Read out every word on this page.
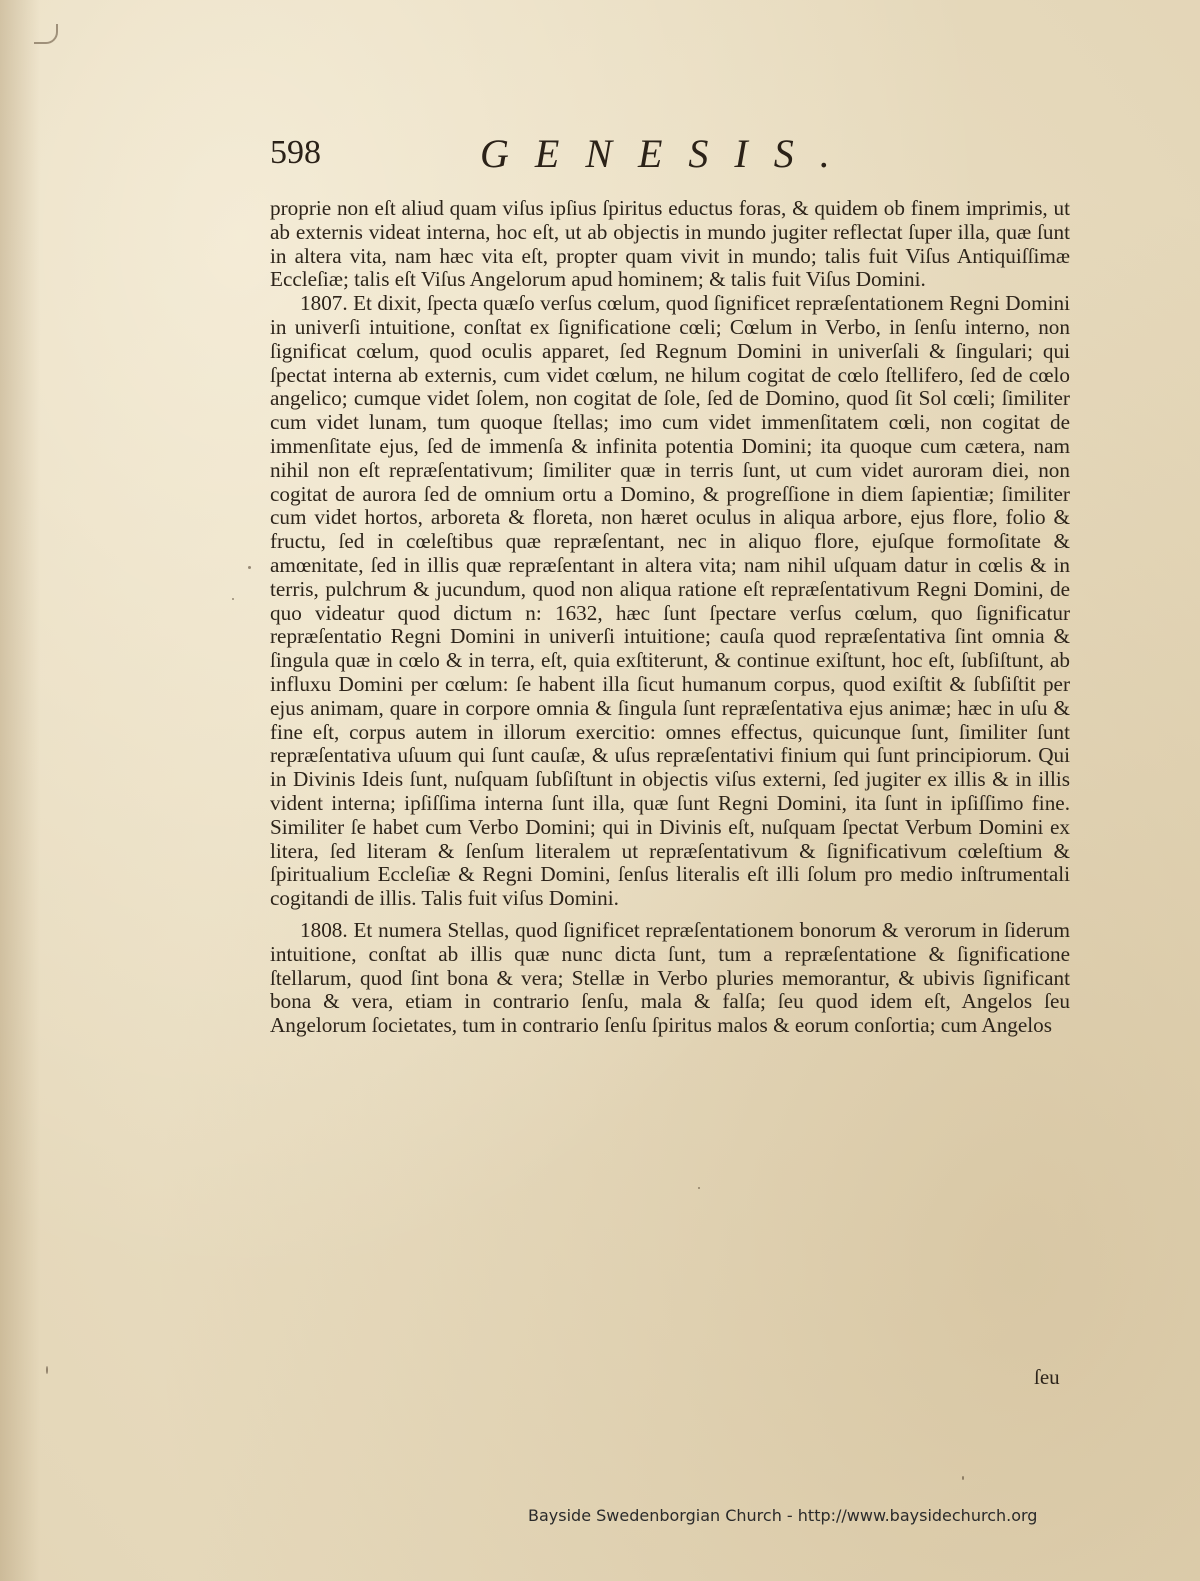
598	GENESIS.

proprie non eſt aliud quam viſus ipſius ſpiritus eductus foras, & quidem ob finem imprimis, ut ab externis videat interna, hoc eſt, ut ab objectis in mundo jugiter reflectat ſuper illa, quæ ſunt in altera vita, nam hæc vita eſt, propter quam vivit in mundo; talis fuit Viſus Antiquiſſimæ Eccleſiæ; talis eſt Viſus Angelorum apud hominem; & talis fuit Viſus Domini.

1807. Et dixit, ſpecta quæſo verſus cœlum, quod ſignificet repræſentationem Regni Domini in univerſi intuitione, conſtat ex ſignificatione cœli; Cœlum in Verbo, in ſenſu interno, non ſignificat cœlum, quod oculis apparet, ſed Regnum Domini in univerſali & ſingulari; qui ſpectat interna ab externis, cum videt cœlum, ne hilum cogitat de cœlo ſtellifero, ſed de cœlo angelico; cumque videt ſolem, non cogitat de ſole, ſed de Domino, quod ſit Sol cœli; ſimiliter cum videt lunam, tum quoque ſtellas; imo cum videt immenſitatem cœli, non cogitat de immenſitate ejus, ſed de immenſa & infinita potentia Domini; ita quoque cum cætera, nam nihil non eſt repræſentativum; ſimiliter quæ in terris ſunt, ut cum videt auroram diei, non cogitat de aurora ſed de omnium ortu a Domino, & progreſſione in diem ſapientiæ; ſimiliter cum videt hortos, arboreta & floreta, non hæret oculus in aliqua arbore, ejus flore, folio & fructu, ſed in cœleſtibus quæ repræſentant, nec in aliquo flore, ejuſque formoſitate & amœnitate, ſed in illis quæ repræſentant in altera vita; nam nihil uſquam datur in cœlis & in terris, pulchrum & jucundum, quod non aliqua ratione eſt repræſentativum Regni Domini, de quo videatur quod dictum n: 1632, hæc ſunt ſpectare verſus cœlum, quo ſignificatur repræſentatio Regni Domini in univerſi intuitione; cauſa quod repræſentativa ſint omnia & ſingula quæ in cœlo & in terra, eſt, quia exſtiterunt, & continue exiſtunt, hoc eſt, ſubſiſtunt, ab influxu Domini per cœlum: ſe habent illa ſicut humanum corpus, quod exiſtit & ſubſiſtit per ejus animam, quare in corpore omnia & ſingula ſunt repræſentativa ejus animæ; hæc in uſu & fine eſt, corpus autem in illorum exercitio: omnes effectus, quicunque ſunt, ſimiliter ſunt repræſentativa uſuum qui ſunt cauſæ, & uſus repræſentativi finium qui ſunt principiorum. Qui in Divinis Ideis ſunt, nuſquam ſubſiſtunt in objectis viſus externi, ſed jugiter ex illis & in illis vident interna; ipſiſſima interna ſunt illa, quæ ſunt Regni Domini, ita ſunt in ipſiſſimo fine. Similiter ſe habet cum Verbo Domini; qui in Divinis eſt, nuſquam ſpectat Verbum Domini ex litera, ſed literam & ſenſum literalem ut repræſentativum & ſignificativum cœleſtium & ſpiritualium Eccleſiæ & Regni Domini, ſenſus literalis eſt illi ſolum pro medio inſtrumentali cogitandi de illis. Talis fuit viſus Domini.

1808. Et numera Stellas, quod ſignificet repræſentationem bonorum & verorum in ſiderum intuitione, conſtat ab illis quæ nunc dicta ſunt, tum a repræſentatione & ſignificatione ſtellarum, quod ſint bona & vera; Stellæ in Verbo pluries memorantur, & ubivis ſignificant bona & vera, etiam in contrario ſenſu, mala & falſa; ſeu quod idem eſt, Angelos ſeu Angelorum ſocietates, tum in contrario ſenſu ſpiritus malos & eorum conſortia; cum Angelos

ſeu
Bayside Swedenborgian Church - http://www.baysidechurch.org
